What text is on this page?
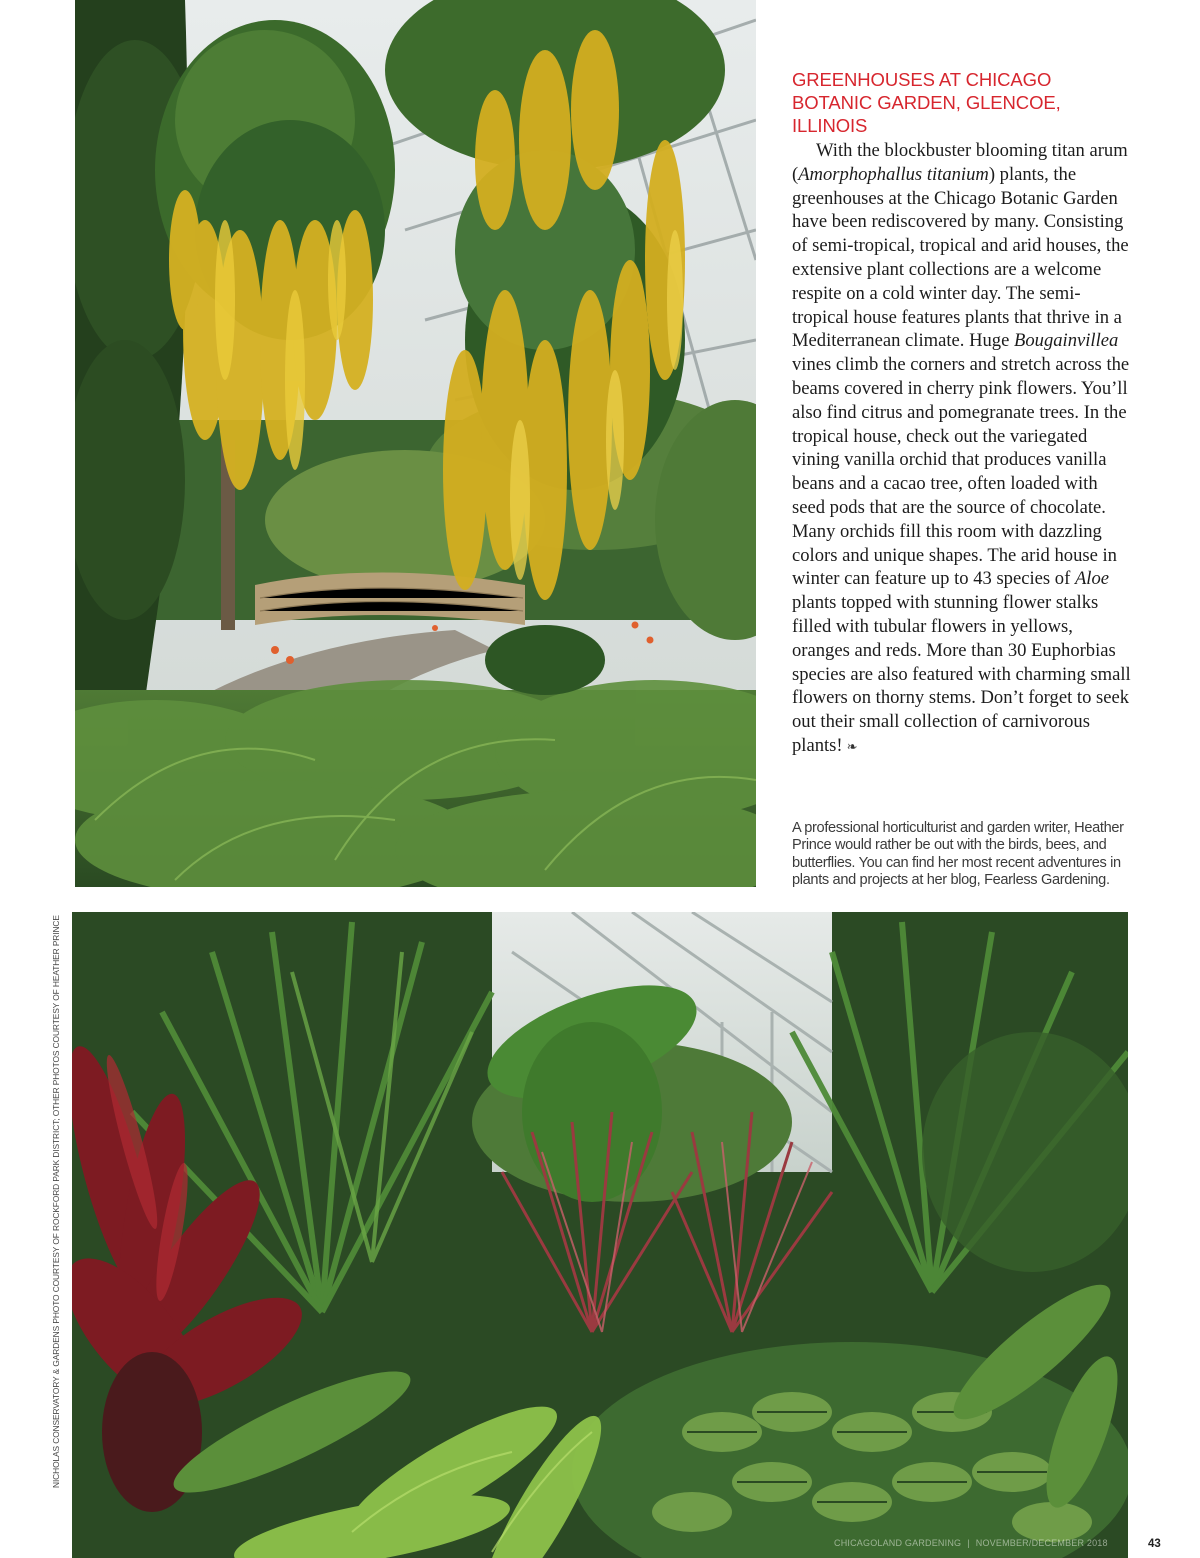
GREENHOUSES AT CHICAGO BOTANIC GARDEN, GLENCOE, ILLINOIS

With the blockbuster blooming titan arum (Amorphophallus titanium) plants, the greenhouses at the Chicago Botanic Garden have been rediscovered by many. Consisting of semi-tropical, tropical and arid houses, the extensive plant collections are a welcome respite on a cold winter day. The semi-tropical house features plants that thrive in a Mediterranean climate. Huge Bougainvillea vines climb the corners and stretch across the beams covered in cherry pink flowers. You’ll also find citrus and pomegranate trees. In the tropical house, check out the variegated vining vanilla orchid that produces vanilla beans and a cacao tree, often loaded with seed pods that are the source of chocolate. Many orchids fill this room with dazzling colors and unique shapes. The arid house in winter can feature up to 43 species of Aloe plants topped with stunning flower stalks filled with tubular flowers in yellows, oranges and reds. More than 30 Euphorbias species are also featured with charming small flowers on thorny stems. Don’t forget to seek out their small collection of carnivorous plants! ❧

A professional horticulturist and garden writer, Heather Prince would rather be out with the birds, bees, and butterflies. You can find her most recent adventures in plants and projects at her blog, Fearless Gardening.

NICHOLAS CONSERVATORY & GARDENS PHOTO COURTESY OF ROCKFORD PARK DISTRICT; OTHER PHOTOS COURTESY OF HEATHER PRINCE
CHICAGOLAND GARDENING | NOVEMBER/DECEMBER 2018	43
